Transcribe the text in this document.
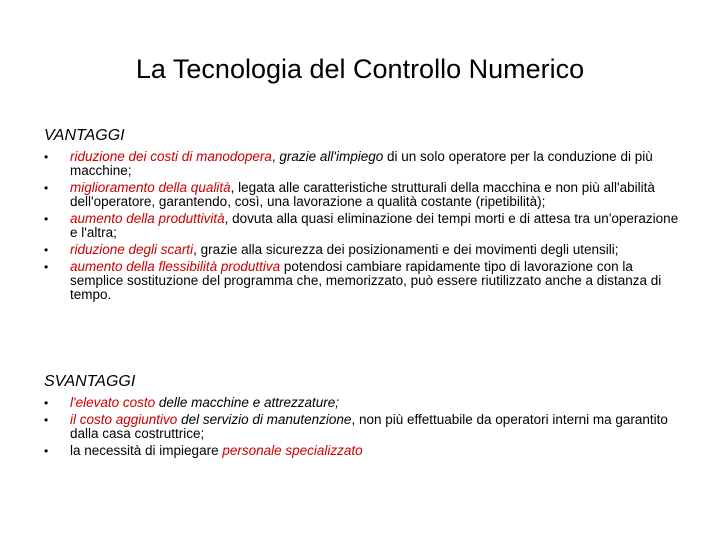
La Tecnologia del Controllo Numerico
VANTAGGI
• riduzione dei costi di manodopera, grazie all'impiego di un solo operatore per la conduzione di più macchine;
• miglioramento della qualità, legata alle caratteristiche strutturali della macchina e non più all'abilità dell'operatore, garantendo, così, una lavorazione a qualità costante (ripetibilità);
• aumento della produttività, dovuta alla quasi eliminazione dei tempi morti e di attesa tra un'operazione e l'altra;
• riduzione degli scarti, grazie alla sicurezza dei posizionamenti e dei movimenti degli utensili;
• aumento della flessibilità produttiva potendosi cambiare rapidamente tipo di lavorazione con la semplice sostituzione del programma che, memorizzato, può essere riutilizzato anche a distanza di tempo.
SVANTAGGI
• l'elevato costo delle macchine e attrezzature;
• il costo aggiuntivo del servizio di manutenzione, non più effettuabile da operatori interni ma garantito dalla casa costruttrice;
• la necessità di impiegare personale specializzato
